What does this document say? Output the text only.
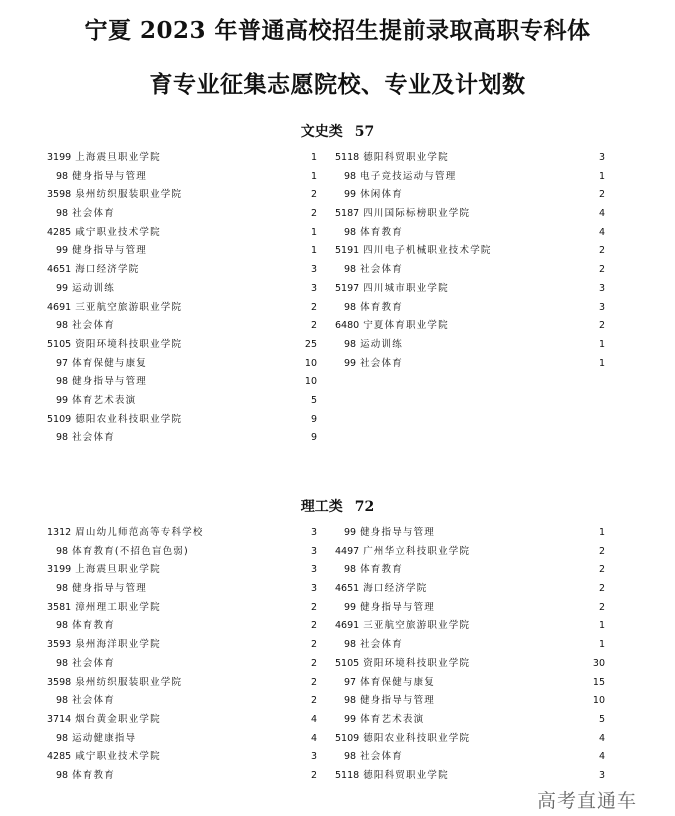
宁夏 2023 年普通高校招生提前录取高职专科体
育专业征集志愿院校、专业及计划数
文史类 57
3199 上海震旦职业学院	1
98 健身指导与管理	1
3598 泉州纺织服装职业学院	2
98 社会体育	2
4285 咸宁职业技术学院	1
99 健身指导与管理	1
4651 海口经济学院	3
99 运动训练	3
4691 三亚航空旅游职业学院	2
98 社会体育	2
5105 资阳环境科技职业学院	25
97 体育保健与康复	10
98 健身指导与管理	10
99 体育艺术表演	5
5109 德阳农业科技职业学院	9
98 社会体育	9
5118 德阳科贸职业学院	3
98 电子竞技运动与管理	1
99 休闲体育	2
5187 四川国际标榜职业学院	4
98 体育教育	4
5191 四川电子机械职业技术学院	2
98 社会体育	2
5197 四川城市职业学院	3
98 体育教育	3
6480 宁夏体育职业学院	2
98 运动训练	1
99 社会体育	1
理工类 72
1312 眉山幼儿师范高等专科学校	3
98 体育教育(不招色盲色弱)	3
3199 上海震旦职业学院	3
98 健身指导与管理	3
3581 漳州理工职业学院	2
98 体育教育	2
3593 泉州海洋职业学院	2
98 社会体育	2
3598 泉州纺织服装职业学院	2
98 社会体育	2
3714 烟台黄金职业学院	4
98 运动健康指导	4
4285 咸宁职业技术学院	3
98 体育教育	2
99 健身指导与管理	1
4497 广州华立科技职业学院	2
98 体育教育	2
4651 海口经济学院	2
99 健身指导与管理	2
4691 三亚航空旅游职业学院	1
98 社会体育	1
5105 资阳环境科技职业学院	30
97 体育保健与康复	15
98 健身指导与管理	10
99 体育艺术表演	5
5109 德阳农业科技职业学院	4
98 社会体育	4
5118 德阳科贸职业学院	3
高考直通车
